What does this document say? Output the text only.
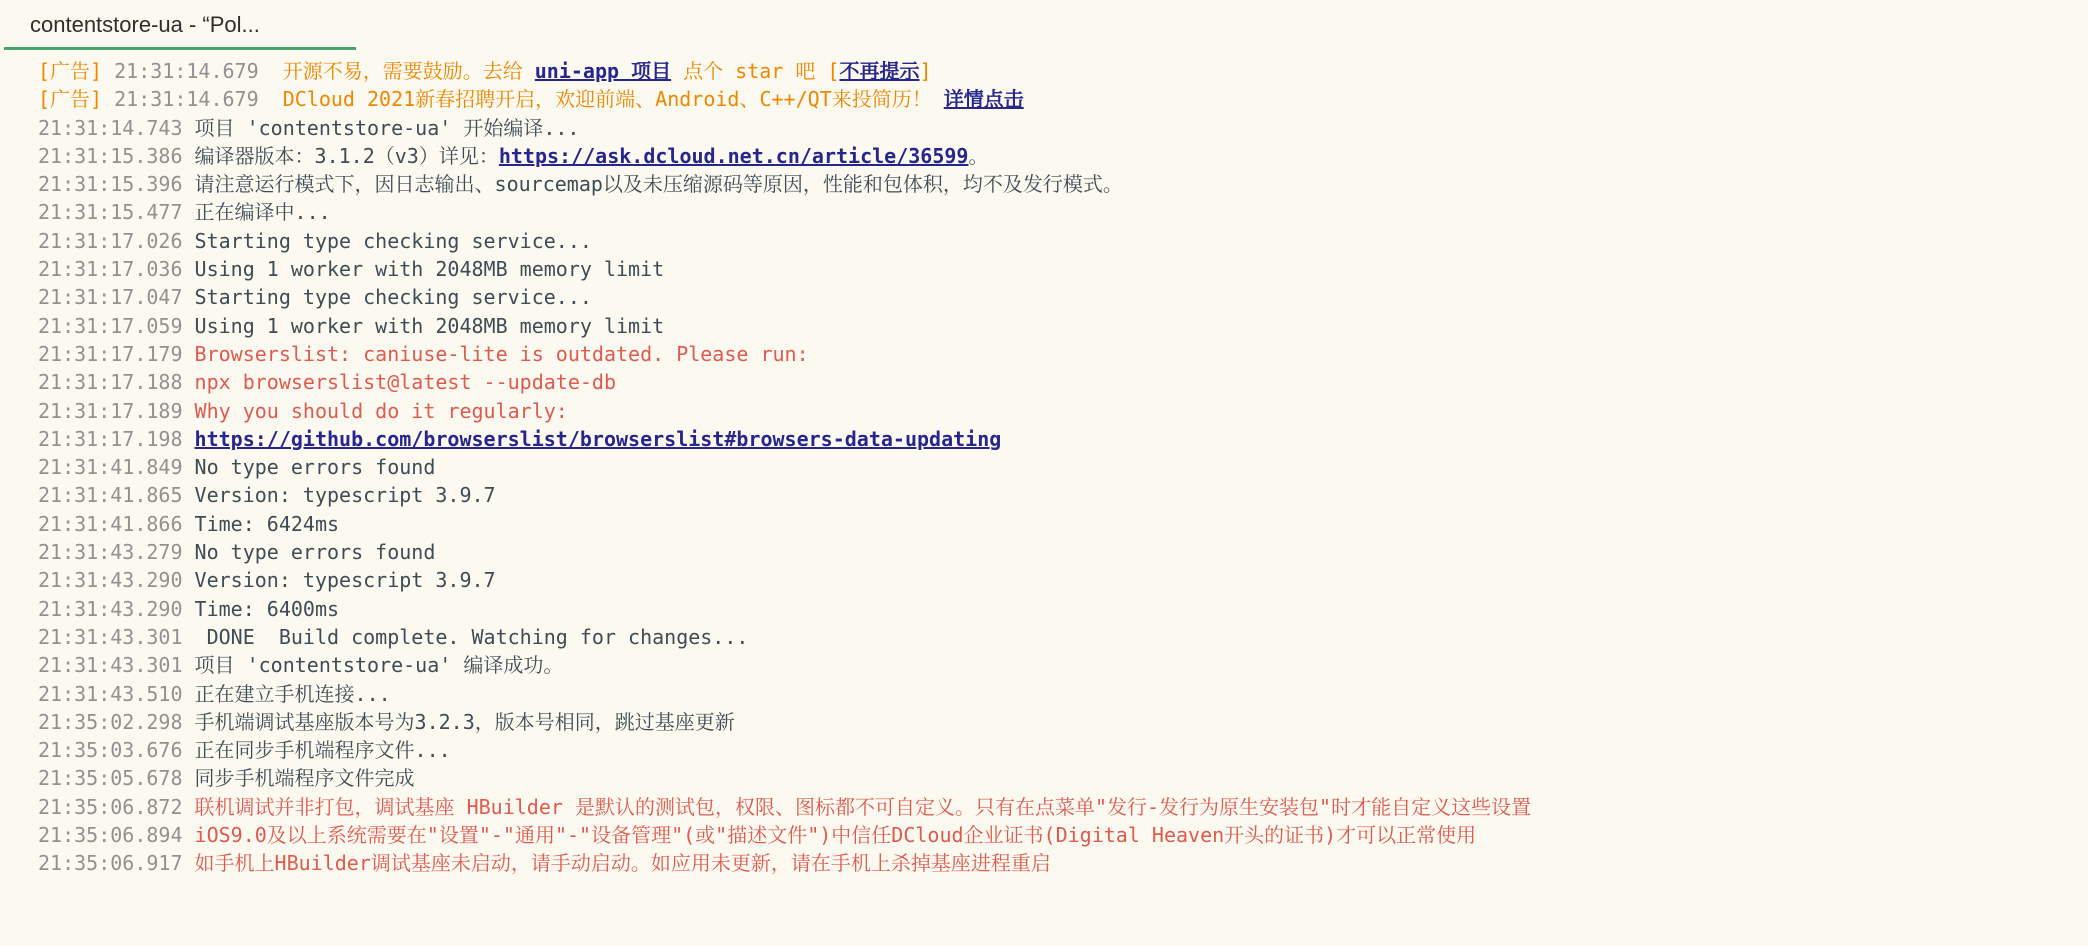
contentstore-ua - “Pol...
[广告] 21:31:14.679  开源不易，需要鼓励。去给 uni-app 项目 点个 star 吧 [不再提示]
[广告] 21:31:14.679  DCloud 2021新春招聘开启，欢迎前端、Android、C++/QT来投简历！ 详情点击
21:31:14.743 项目 'contentstore-ua' 开始编译...
21:31:15.386 编译器版本：3.1.2（v3）详见：https://ask.dcloud.net.cn/article/36599。
21:31:15.396 请注意运行模式下，因日志输出、sourcemap以及未压缩源码等原因，性能和包体积，均不及发行模式。
21:31:15.477 正在编译中...
21:31:17.026 Starting type checking service...
21:31:17.036 Using 1 worker with 2048MB memory limit
21:31:17.047 Starting type checking service...
21:31:17.059 Using 1 worker with 2048MB memory limit
21:31:17.179 Browserslist: caniuse-lite is outdated. Please run:
21:31:17.188 npx browserslist@latest --update-db
21:31:17.189 Why you should do it regularly:
21:31:17.198 https://github.com/browserslist/browserslist#browsers-data-updating
21:31:41.849 No type errors found
21:31:41.865 Version: typescript 3.9.7
21:31:41.866 Time: 6424ms
21:31:43.279 No type errors found
21:31:43.290 Version: typescript 3.9.7
21:31:43.290 Time: 6400ms
21:31:43.301  DONE  Build complete. Watching for changes...
21:31:43.301 项目 'contentstore-ua' 编译成功。
21:31:43.510 正在建立手机连接...
21:35:02.298 手机端调试基座版本号为3.2.3，版本号相同，跳过基座更新
21:35:03.676 正在同步手机端程序文件...
21:35:05.678 同步手机端程序文件完成
21:35:06.872 联机调试并非打包，调试基座 HBuilder 是默认的测试包，权限、图标都不可自定义。只有在点菜单"发行-发行为原生安装包"时才能自定义这些设置
21:35:06.894 iOS9.0及以上系统需要在"设置"-"通用"-"设备管理"(或"描述文件")中信任DCloud企业证书(Digital Heaven开头的证书)才可以正常使用
21:35:06.917 如手机上HBuilder调试基座未启动，请手动启动。如应用未更新，请在手机上杀掉基座进程重启
